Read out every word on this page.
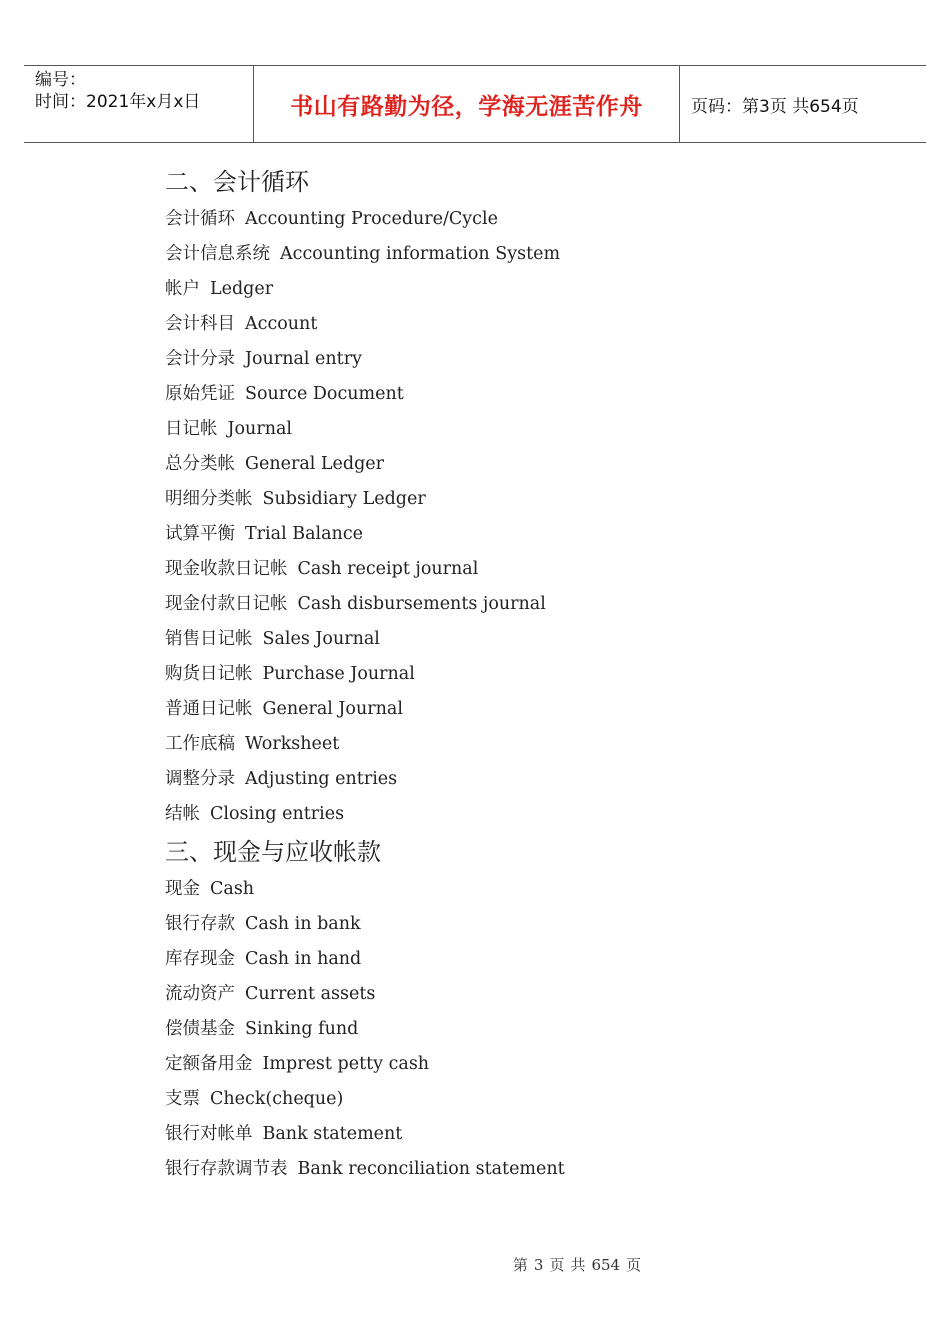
编号：
时间：2021年x月x日	书山有路勤为径，学海无涯苦作舟	页码：第3页 共654页
二、会计循环
会计循环 Accounting Procedure/Cycle
会计信息系统 Accounting information System
帐户 Ledger
会计科目 Account
会计分录 Journal entry
原始凭证 Source Document
日记帐 Journal
总分类帐 General Ledger
明细分类帐 Subsidiary Ledger
试算平衡 Trial Balance
现金收款日记帐 Cash receipt journal
现金付款日记帐 Cash disbursements journal
销售日记帐 Sales Journal
购货日记帐 Purchase Journal
普通日记帐 General Journal
工作底稿 Worksheet
调整分录 Adjusting entries
结帐 Closing entries
三、现金与应收帐款
现金 Cash
银行存款 Cash in bank
库存现金 Cash in hand
流动资产 Current assets
偿债基金 Sinking fund
定额备用金 Imprest petty cash
支票 Check(cheque)
银行对帐单 Bank statement
银行存款调节表 Bank reconciliation statement
第 3 页 共 654 页
